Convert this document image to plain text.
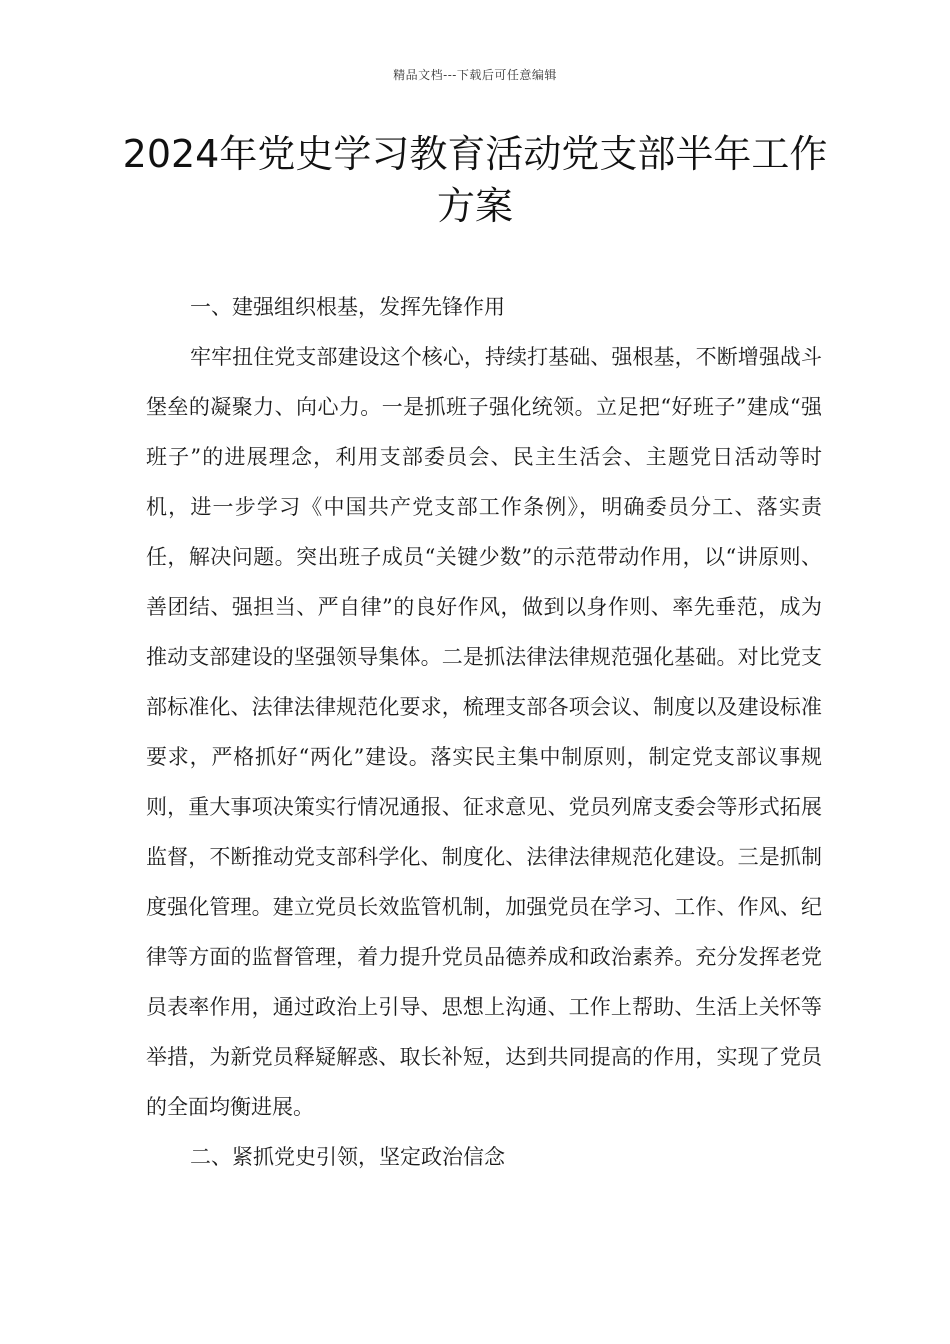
精品文档---下载后可任意编辑
2024年党史学习教育活动党支部半年工作方案

一、建强组织根基，发挥先锋作用

牢牢扭住党支部建设这个核心，持续打基础、强根基，不断增强战斗堡垒的凝聚力、向心力。一是抓班子强化统领。立足把“好班子”建成“强班子”的进展理念，利用支部委员会、民主生活会、主题党日活动等时机，进一步学习《中国共产党支部工作条例》，明确委员分工、落实责任，解决问题。突出班子成员“关键少数”的示范带动作用，以“讲原则、善团结、强担当、严自律”的良好作风，做到以身作则、率先垂范，成为推动支部建设的坚强领导集体。二是抓法律法律规范强化基础。对比党支部标准化、法律法律规范化要求，梳理支部各项会议、制度以及建设标准要求，严格抓好“两化”建设。落实民主集中制原则，制定党支部议事规则，重大事项决策实行情况通报、征求意见、党员列席支委会等形式拓展监督，不断推动党支部科学化、制度化、法律法律规范化建设。三是抓制度强化管理。建立党员长效监管机制，加强党员在学习、工作、作风、纪律等方面的监督管理，着力提升党员品德养成和政治素养。充分发挥老党员表率作用，通过政治上引导、思想上沟通、工作上帮助、生活上关怀等举措，为新党员释疑解惑、取长补短，达到共同提高的作用，实现了党员的全面均衡进展。

二、紧抓党史引领，坚定政治信念
